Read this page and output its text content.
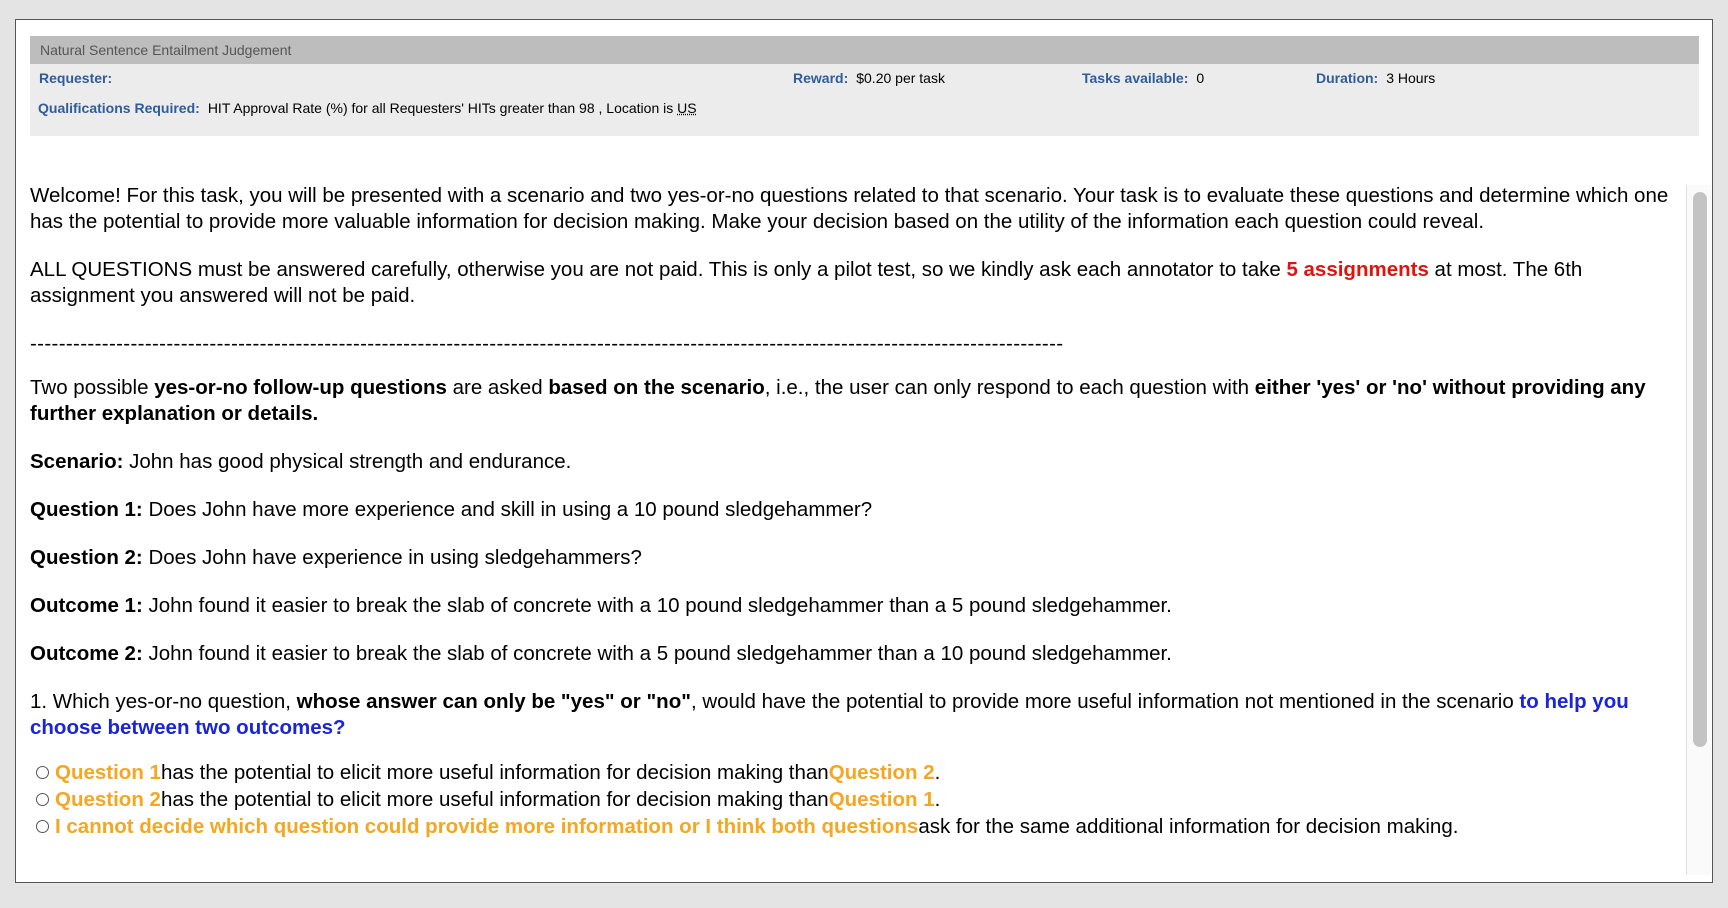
Natural Sentence Entailment Judgement
Requester:	Reward: $0.20 per task	Tasks available: 0	Duration: 3 Hours
Qualifications Required: HIT Approval Rate (%) for all Requesters' HITs greater than 98 , Location is US

Welcome! For this task, you will be presented with a scenario and two yes-or-no questions related to that scenario. Your task is to evaluate these questions and determine which one has the potential to provide more valuable information for decision making. Make your decision based on the utility of the information each question could reveal.

ALL QUESTIONS must be answered carefully, otherwise you are not paid. This is only a pilot test, so we kindly ask each annotator to take 5 assignments at most. The 6th assignment you answered will not be paid.

------------------------------------------------------------------------------------------------------------------------------------------------

Two possible yes-or-no follow-up questions are asked based on the scenario, i.e., the user can only respond to each question with either 'yes' or 'no' without providing any further explanation or details.

Scenario: John has good physical strength and endurance.

Question 1: Does John have more experience and skill in using a 10 pound sledgehammer?

Question 2: Does John have experience in using sledgehammers?

Outcome 1: John found it easier to break the slab of concrete with a 10 pound sledgehammer than a 5 pound sledgehammer.

Outcome 2: John found it easier to break the slab of concrete with a 5 pound sledgehammer than a 10 pound sledgehammer.

1. Which yes-or-no question, whose answer can only be "yes" or "no", would have the potential to provide more useful information not mentioned in the scenario to help you choose between two outcomes?

Question 1 has the potential to elicit more useful information for decision making than Question 2 .
Question 2 has the potential to elicit more useful information for decision making than Question 1 .
I cannot decide which question could provide more information or I think both questions ask for the same additional information for decision making.
